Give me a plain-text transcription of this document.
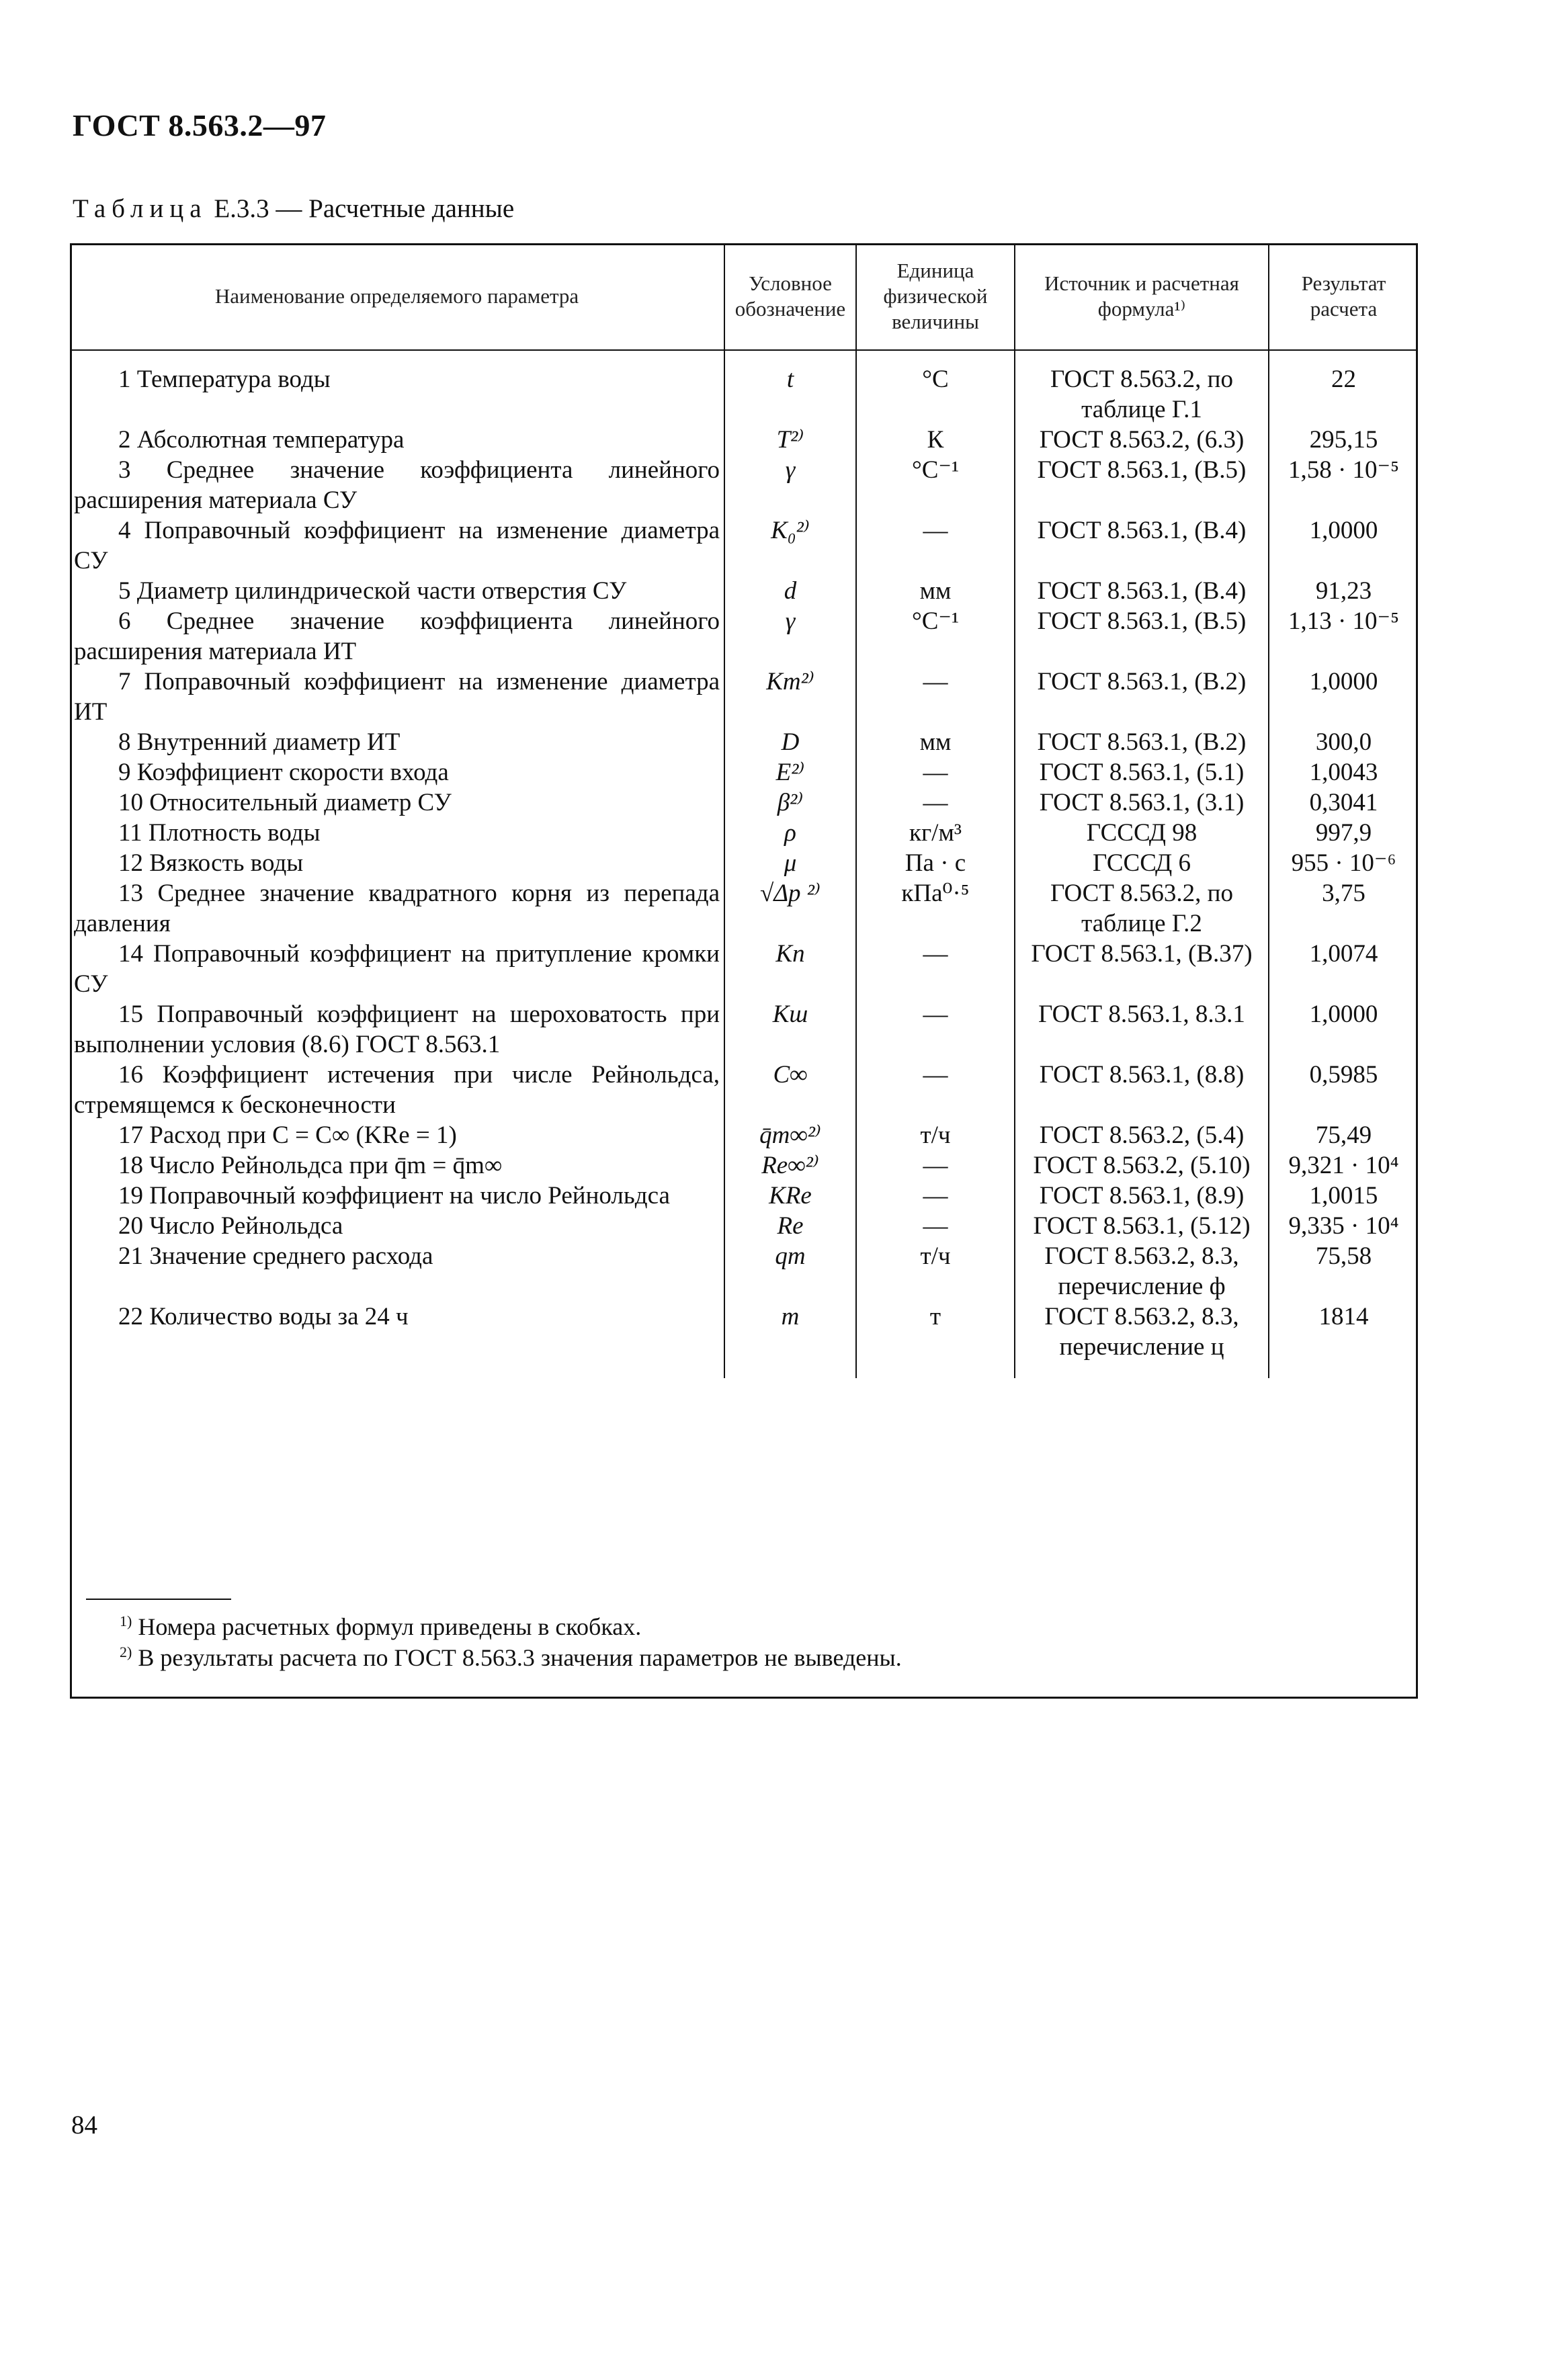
ГОСТ 8.563.2—97
Таблица Е.3.3 — Расчетные данные
Наименование определяемого параметра	Условное обозначение	Единица физической величины	Источник и расчетная формула¹⁾	Результат расчета
1 Температура воды	t	°С	ГОСТ 8.563.2, по таблице Г.1	22
2 Абсолютная температура	T²⁾	К	ГОСТ 8.563.2, (6.3)	295,15
3 Среднее значение коэффициента линейного расширения материала СУ	γ	°С⁻¹	ГОСТ 8.563.1, (В.5)	1,58 · 10⁻⁵
4 Поправочный коэффициент на изменение диаметра СУ	K₀²⁾	—	ГОСТ 8.563.1, (В.4)	1,0000
5 Диаметр цилиндрической части отверстия СУ	d	мм	ГОСТ 8.563.1, (В.4)	91,23
6 Среднее значение коэффициента линейного расширения материала ИТ	γ	°С⁻¹	ГОСТ 8.563.1, (В.5)	1,13 · 10⁻⁵
7 Поправочный коэффициент на изменение диаметра ИТ	Kт²⁾	—	ГОСТ 8.563.1, (В.2)	1,0000
8 Внутренний диаметр ИТ	D	мм	ГОСТ 8.563.1, (В.2)	300,0
9 Коэффициент скорости входа	E²⁾	—	ГОСТ 8.563.1, (5.1)	1,0043
10 Относительный диаметр СУ	β²⁾	—	ГОСТ 8.563.1, (3.1)	0,3041
11 Плотность воды	ρ	кг/м³	ГСССД 98	997,9
12 Вязкость воды	μ	Па · с	ГСССД 6	955 · 10⁻⁶
13 Среднее значение квадратного корня из перепада давления	√Δp ²⁾	кПа⁰·⁵	ГОСТ 8.563.2, по таблице Г.2	3,75
14 Поправочный коэффициент на притупление кромки СУ	Kп	—	ГОСТ 8.563.1, (В.37)	1,0074
15 Поправочный коэффициент на шероховатость при выполнении условия (8.6) ГОСТ 8.563.1	Kш	—	ГОСТ 8.563.1, 8.3.1	1,0000
16 Коэффициент истечения при числе Рейнольдса, стремящемся к бесконечности	C∞	—	ГОСТ 8.563.1, (8.8)	0,5985
17 Расход при C = C∞ (KRe = 1)	q̄m∞²⁾	т/ч	ГОСТ 8.563.2, (5.4)	75,49
18 Число Рейнольдса при q̄m = q̄m∞	Re∞²⁾	—	ГОСТ 8.563.2, (5.10)	9,321 · 10⁴
19 Поправочный коэффициент на число Рейнольдса	KRe	—	ГОСТ 8.563.1, (8.9)	1,0015
20 Число Рейнольдса	Re	—	ГОСТ 8.563.1, (5.12)	9,335 · 10⁴
21 Значение среднего расхода	qm	т/ч	ГОСТ 8.563.2, 8.3, перечисление ф	75,58
22 Количество воды за 24 ч	m	т	ГОСТ 8.563.2, 8.3, перечисление ц	1814

$^{1)}$ Номера расчетных формул приведены в скобках.
$^{2)}$ В результаты расчета по ГОСТ 8.563.3 значения параметров не выведены.
84
